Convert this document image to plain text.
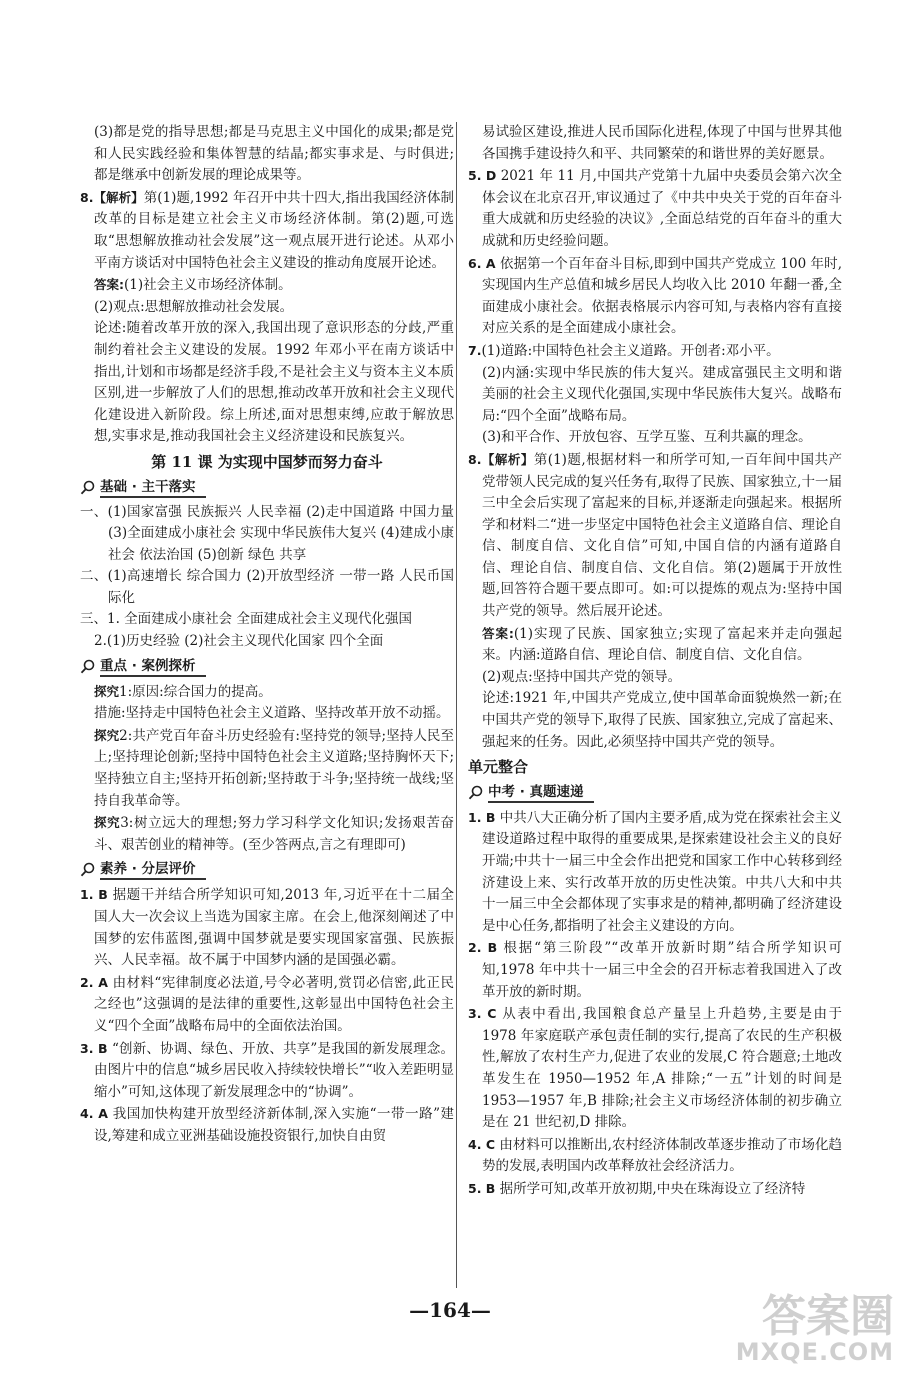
(3)都是党的指导思想;都是马克思主义中国化的成果;都是党和人民实践经验和集体智慧的结晶;都实事求是、与时俱进;都是继承中创新发展的理论成果等。

8.【解析】第(1)题,1992 年召开中共十四大,指出我国经济体制改革的目标是建立社会主义市场经济体制。第(2)题,可选取“思想解放推动社会发展”这一观点展开进行论述。从邓小平南方谈话对中国特色社会主义建设的推动角度展开论述。

答案:(1)社会主义市场经济体制。

(2)观点:思想解放推动社会发展。

论述:随着改革开放的深入,我国出现了意识形态的分歧,严重制约着社会主义建设的发展。1992 年邓小平在南方谈话中指出,计划和市场都是经济手段,不是社会主义与资本主义本质区别,进一步解放了人们的思想,推动改革开放和社会主义现代化建设进入新阶段。综上所述,面对思想束缚,应敢于解放思想,实事求是,推动我国社会主义经济建设和民族复兴。

第 11 课 为实现中国梦而努力奋斗
基础 · 主干落实

一、(1)国家富强 民族振兴 人民幸福 (2)走中国道路 中国力量 (3)全面建成小康社会 实现中华民族伟大复兴 (4)建成小康社会 依法治国 (5)创新 绿色 共享

二、(1)高速增长 综合国力 (2)开放型经济 一带一路 人民币国际化

三、1. 全面建成小康社会 全面建成社会主义现代化强国

2.(1)历史经验 (2)社会主义现代化国家 四个全面

重点 · 案例探析

探究1:原因:综合国力的提高。

措施:坚持走中国特色社会主义道路、坚持改革开放不动摇。

探究2:共产党百年奋斗历史经验有:坚持党的领导;坚持人民至上;坚持理论创新;坚持中国特色社会主义道路;坚持胸怀天下;坚持独立自主;坚持开拓创新;坚持敢于斗争;坚持统一战线;坚持自我革命等。

探究3:树立远大的理想;努力学习科学文化知识;发扬艰苦奋斗、艰苦创业的精神等。(至少答两点,言之有理即可)

素养 · 分层评价

1. B 据题干并结合所学知识可知,2013 年,习近平在十二届全国人大一次会议上当选为国家主席。在会上,他深刻阐述了中国梦的宏伟蓝图,强调中国梦就是要实现国家富强、民族振兴、人民幸福。故不属于中国梦内涵的是国强必霸。

2. A 由材料“宪律制度必法道,号令必著明,赏罚必信密,此正民之经也”这强调的是法律的重要性,这彰显出中国特色社会主义“四个全面”战略布局中的全面依法治国。

3. B “创新、协调、绿色、开放、共享”是我国的新发展理念。由图片中的信息“城乡居民收入持续较快增长”“收入差距明显缩小”可知,这体现了新发展理念中的“协调”。

4. A 我国加快构建开放型经济新体制,深入实施“一带一路”建设,筹建和成立亚洲基础设施投资银行,加快自由贸

易试验区建设,推进人民币国际化进程,体现了中国与世界其他各国携手建设持久和平、共同繁荣的和谐世界的美好愿景。

5. D 2021 年 11 月,中国共产党第十九届中央委员会第六次全体会议在北京召开,审议通过了《中共中央关于党的百年奋斗重大成就和历史经验的决议》,全面总结党的百年奋斗的重大成就和历史经验问题。

6. A 依据第一个百年奋斗目标,即到中国共产党成立 100 年时,实现国内生产总值和城乡居民人均收入比 2010 年翻一番,全面建成小康社会。依据表格展示内容可知,与表格内容有直接对应关系的是全面建成小康社会。

7.(1)道路:中国特色社会主义道路。开创者:邓小平。

(2)内涵:实现中华民族的伟大复兴。建成富强民主文明和谐美丽的社会主义现代化强国,实现中华民族伟大复兴。战略布局:“四个全面”战略布局。

(3)和平合作、开放包容、互学互鉴、互利共赢的理念。

8.【解析】第(1)题,根据材料一和所学可知,一百年间中国共产党带领人民完成的复兴任务有,取得了民族、国家独立,十一届三中全会后实现了富起来的目标,并逐渐走向强起来。根据所学和材料二“进一步坚定中国特色社会主义道路自信、理论自信、制度自信、文化自信”可知,中国自信的内涵有道路自信、理论自信、制度自信、文化自信。第(2)题属于开放性题,回答符合题干要点即可。如:可以提炼的观点为:坚持中国共产党的领导。然后展开论述。

答案:(1)实现了民族、国家独立;实现了富起来并走向强起来。内涵:道路自信、理论自信、制度自信、文化自信。

(2)观点:坚持中国共产党的领导。

论述:1921 年,中国共产党成立,使中国革命面貌焕然一新;在中国共产党的领导下,取得了民族、国家独立,完成了富起来、强起来的任务。因此,必须坚持中国共产党的领导。

单元整合
中考 · 真题速递

1. B 中共八大正确分析了国内主要矛盾,成为党在探索社会主义建设道路过程中取得的重要成果,是探索建设社会主义的良好开端;中共十一届三中全会作出把党和国家工作中心转移到经济建设上来、实行改革开放的历史性决策。中共八大和中共十一届三中全会都体现了实事求是的精神,都明确了经济建设是中心任务,都指明了社会主义建设的方向。

2. B 根据“第三阶段”“改革开放新时期”结合所学知识可知,1978 年中共十一届三中全会的召开标志着我国进入了改革开放的新时期。

3. C 从表中看出,我国粮食总产量呈上升趋势,主要是由于 1978 年家庭联产承包责任制的实行,提高了农民的生产积极性,解放了农村生产力,促进了农业的发展,C 符合题意;土地改革发生在 1950—1952 年,A 排除;“一五”计划的时间是 1953—1957 年,B 排除;社会主义市场经济体制的初步确立是在 21 世纪初,D 排除。

4. C 由材料可以推断出,农村经济体制改革逐步推动了市场化趋势的发展,表明国内改革释放社会经济活力。

5. B 据所学可知,改革开放初期,中央在珠海设立了经济特

—164—	答案圈
MXQE.COM
